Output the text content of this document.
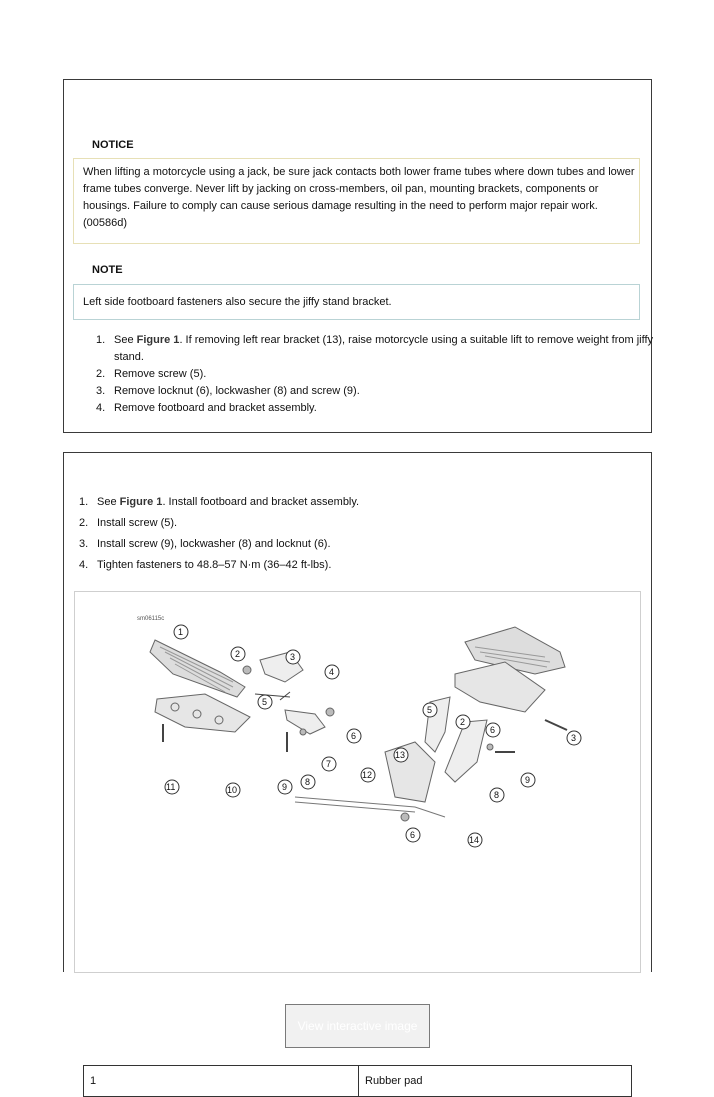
NOTICE
When lifting a motorcycle using a jack, be sure jack contacts both lower frame tubes where down tubes and lower
frame tubes converge. Never lift by jacking on cross-members, oil pan, mounting brackets, components or
housings. Failure to comply can cause serious damage resulting in the need to perform major repair work.
(00586d)
NOTE
Left side footboard fasteners also secure the jiffy stand bracket.
1. See Figure 1. If removing left rear bracket (13), raise motorcycle using a suitable lift to remove weight from jiffy
stand.
2. Remove screw (5).
3. Remove locknut (6), lockwasher (8) and screw (9).
4. Remove footboard and bracket assembly.
1. See Figure 1. Install footboard and bracket assembly.
2. Install screw (5).
3. Install screw (9), lockwasher (8) and locknut (6).
4. Tighten fasteners to 48.8–57 N·m (36–42 ft-lbs).
sm06115c
1
2	3
4
5
6
7
8
9
10
11
12
13
14
5
2
6
3
9
8
6
View interactive image
1	Rubber pad
